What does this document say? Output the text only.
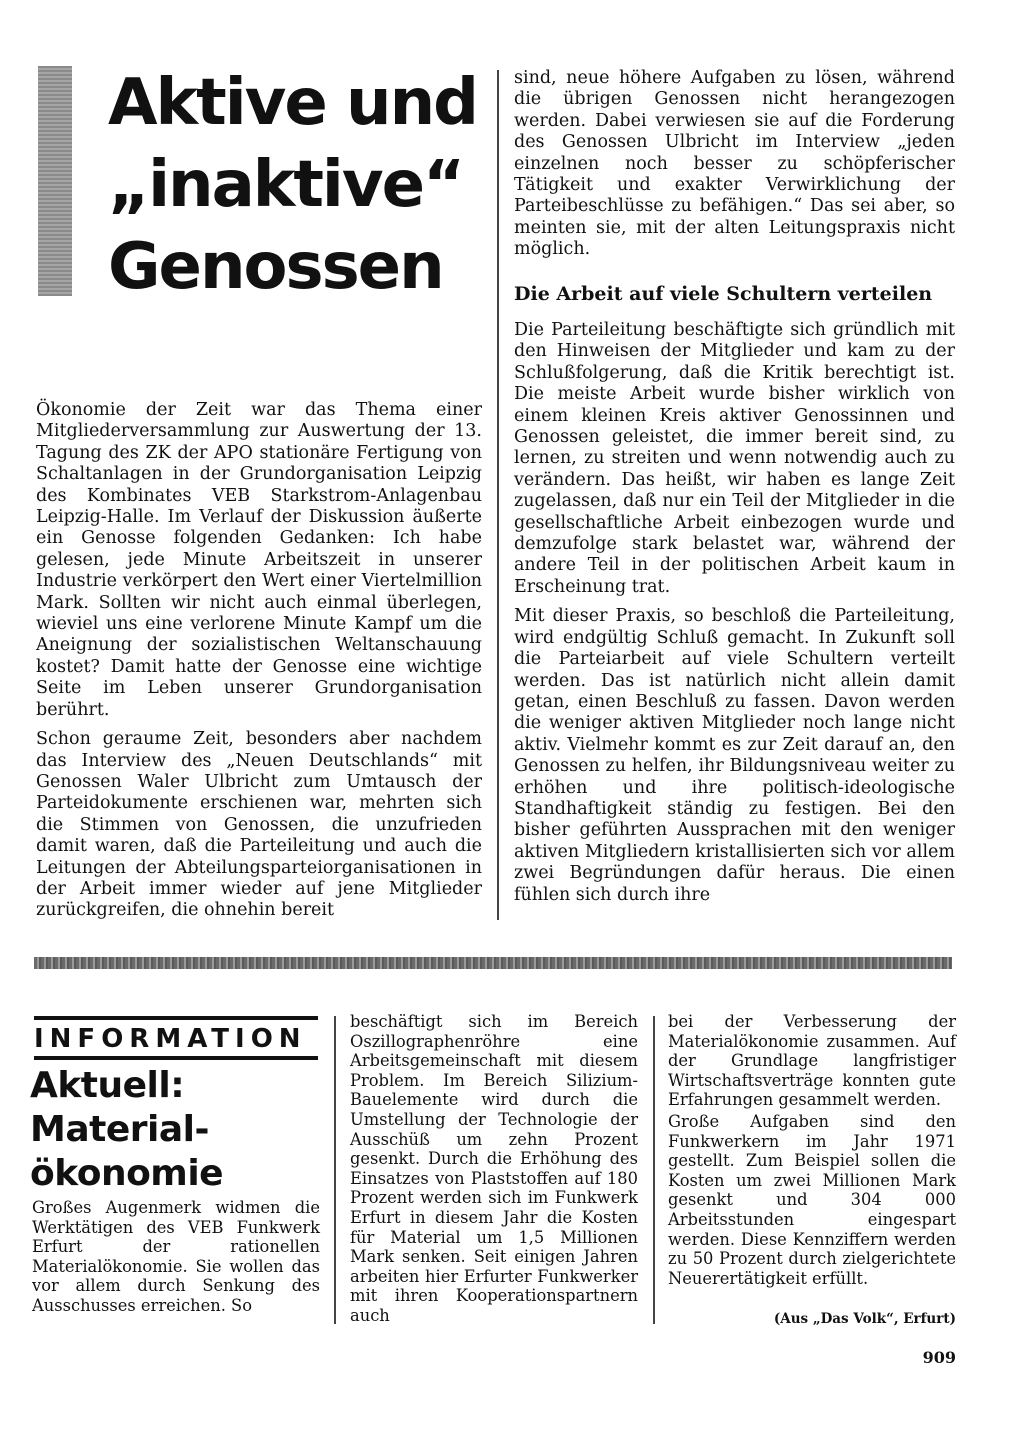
Aktive und
„inaktive“
Genossen

Ökonomie der Zeit war das Thema einer Mitgliederversammlung zur Auswertung der 13. Tagung des ZK der APO stationäre Fertigung von Schaltanlagen in der Grundorganisation Leipzig des Kombinates VEB Starkstrom-Anlagenbau Leipzig-Halle. Im Verlauf der Diskussion äußerte ein Genosse folgenden Gedanken: Ich habe gelesen, jede Minute Arbeitszeit in unserer Industrie verkörpert den Wert einer Viertelmillion Mark. Sollten wir nicht auch einmal überlegen, wieviel uns eine verlorene Minute Kampf um die Aneignung der sozialistischen Weltanschauung kostet? Damit hatte der Genosse eine wichtige Seite im Leben unserer Grundorganisation berührt.

Schon geraume Zeit, besonders aber nachdem das Interview des „Neuen Deutschlands“ mit Genossen Waler Ulbricht zum Umtausch der Parteidokumente erschienen war, mehrten sich die Stimmen von Genossen, die unzufrieden damit waren, daß die Parteileitung und auch die Leitungen der Abteilungsparteiorganisationen in der Arbeit immer wieder auf jene Mitglieder zurückgreifen, die ohnehin bereit

sind, neue höhere Aufgaben zu lösen, während die übrigen Genossen nicht herangezogen werden. Dabei verwiesen sie auf die Forderung des Genossen Ulbricht im Interview „jeden einzelnen noch besser zu schöpferischer Tätigkeit und exakter Verwirklichung der Parteibeschlüsse zu befähigen.“ Das sei aber, so meinten sie, mit der alten Leitungspraxis nicht möglich.

Die Arbeit auf viele Schultern verteilen

Die Parteileitung beschäftigte sich gründlich mit den Hinweisen der Mitglieder und kam zu der Schlußfolgerung, daß die Kritik berechtigt ist. Die meiste Arbeit wurde bisher wirklich von einem kleinen Kreis aktiver Genossinnen und Genossen geleistet, die immer bereit sind, zu lernen, zu streiten und wenn notwendig auch zu verändern. Das heißt, wir haben es lange Zeit zugelassen, daß nur ein Teil der Mitglieder in die gesellschaftliche Arbeit einbezogen wurde und demzufolge stark belastet war, während der andere Teil in der politischen Arbeit kaum in Erscheinung trat.

Mit dieser Praxis, so beschloß die Parteileitung, wird endgültig Schluß gemacht. In Zukunft soll die Parteiarbeit auf viele Schultern verteilt werden. Das ist natürlich nicht allein damit getan, einen Beschluß zu fassen. Davon werden die weniger aktiven Mitglieder noch lange nicht aktiv. Vielmehr kommt es zur Zeit darauf an, den Genossen zu helfen, ihr Bildungsniveau weiter zu erhöhen und ihre politisch-ideologische Standhaftigkeit ständig zu festigen. Bei den bisher geführten Aussprachen mit den weniger aktiven Mitgliedern kristallisierten sich vor allem zwei Begründungen dafür heraus. Die einen fühlen sich durch ihre

INFORMATION
Aktuell:
Material-
ökonomie

Großes Augenmerk widmen die Werktätigen des VEB Funkwerk Erfurt der rationellen Materialökonomie. Sie wollen das vor allem durch Senkung des Ausschusses erreichen. So

beschäftigt sich im Bereich Oszillographenröhre eine Arbeitsgemeinschaft mit diesem Problem. Im Bereich Silizium-Bauelemente wird durch die Umstellung der Technologie der Ausschüß um zehn Prozent gesenkt. Durch die Erhöhung des Einsatzes von Plaststoffen auf 180 Prozent werden sich im Funkwerk Erfurt in diesem Jahr die Kosten für Material um 1,5 Millionen Mark senken. Seit einigen Jahren arbeiten hier Erfurter Funkwerker mit ihren Kooperationspartnern auch

bei der Verbesserung der Materialökonomie zusammen. Auf der Grundlage langfristiger Wirtschaftsverträge konnten gute Erfahrungen gesammelt werden.

Große Aufgaben sind den Funkwerkern im Jahr 1971 gestellt. Zum Beispiel sollen die Kosten um zwei Millionen Mark gesenkt und 304 000 Arbeitsstunden eingespart werden. Diese Kennziffern werden zu 50 Prozent durch zielgerichtete Neuerertätigkeit erfüllt.

(Aus „Das Volk“, Erfurt)
909
